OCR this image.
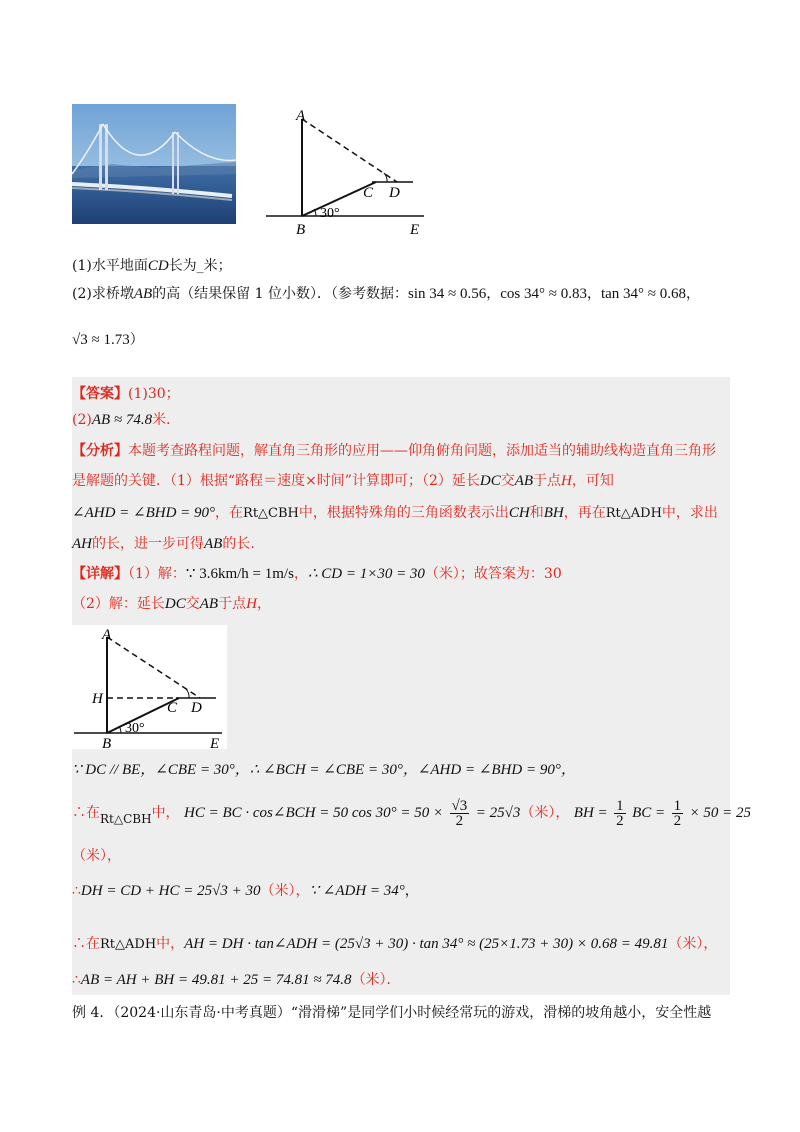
A
B
C D
E
30°
(1)水平地面CD长为_米；
(2)求桥墩AB的高（结果保留 1 位小数）．（参考数据：sin 34 ≈ 0.56，cos 34° ≈ 0.83，tan 34° ≈ 0.68，
√3 ≈ 1.73）
【答案】(1)30；
(2)AB ≈ 74.8米．
【分析】本题考查路程问题，解直角三角形的应用——仰角俯角问题，添加适当的辅助线构造直角三角形
是解题的关键．（1）根据“路程＝速度×时间”计算即可；（2）延长DC交AB于点H，可知
∠AHD = ∠BHD = 90°，在Rt△CBH中，根据特殊角的三角函数表示出CH和BH，再在Rt△ADH中，求出
AH的长，进一步可得AB的长.
【详解】（1）解：∵ 3.6km/h = 1m/s，∴ CD = 1×30 = 30（米）；故答案为：30
（2）解：延长DC交AB于点H，
A
H
B
C D
E
30°
∵ DC // BE，∠CBE = 30°，∴ ∠BCH = ∠CBE = 30°，∠AHD = ∠BHD = 90°，
∴在Rt△CBH中， HC = BC · cos∠BCH = 50 $\cos 30^\circ = 50 \times \frac{√3}{2} = 25√3$（米）， BH = $\frac{1}{2}$ BC = $\frac{1}{2} \times 50 = 25$
（米），
∴DH = CD + HC = 25√3 + 30（米），∵ ∠ADH = 34°，
∴在Rt△ADH中，AH = DH · tan∠ADH = (25√3 + 30) · tan 34° ≈ (25×1.73 + 30) × 0.68 = 49.81（米），
∴AB = AH + BH = 49.81 + 25 = 74.81 ≈ 74.8（米）．
例 4．（2024·山东青岛·中考真题）“滑滑梯”是同学们小时候经常玩的游戏，滑梯的坡角越小，安全性越
